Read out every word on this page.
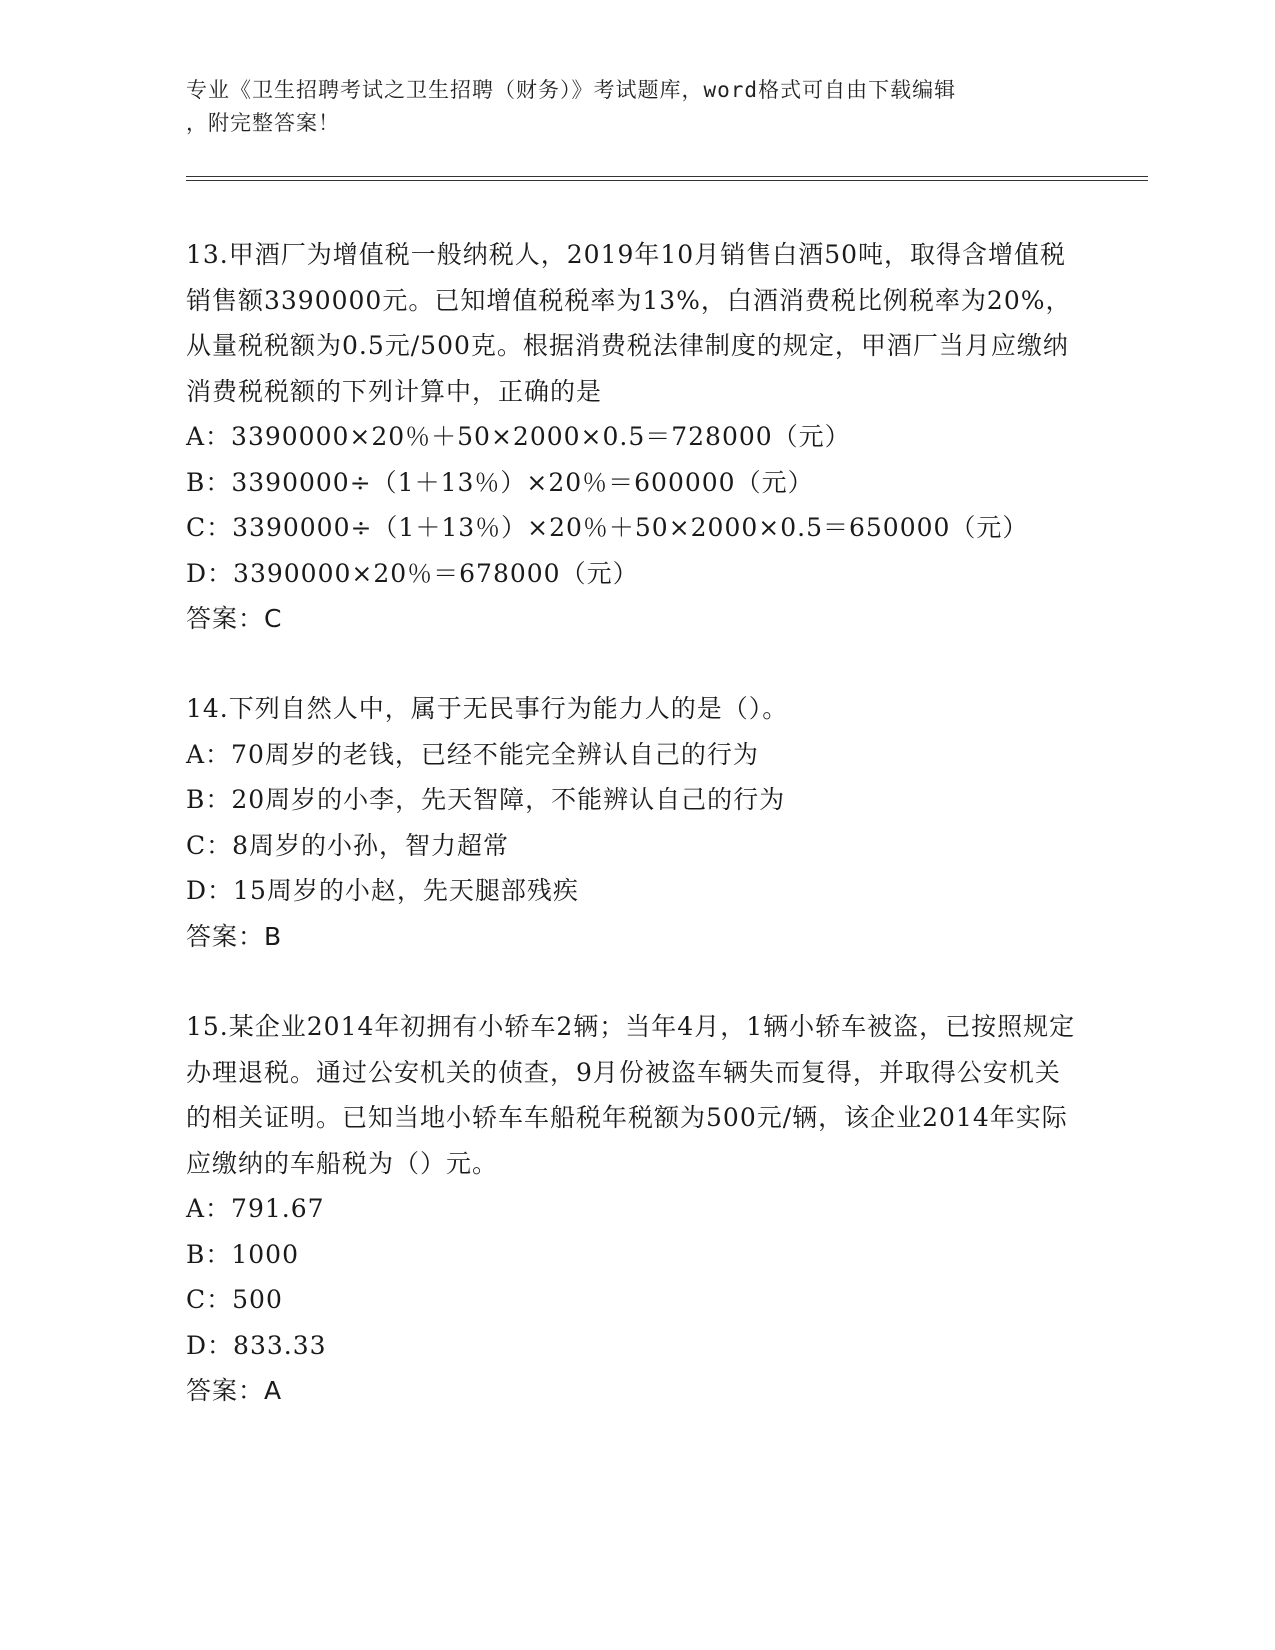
专业《卫生招聘考试之卫生招聘（财务）》考试题库，word格式可自由下载编辑
，附完整答案！

13.甲酒厂为增值税一般纳税人，2019年10月销售白酒50吨，取得含增值税销售额3390000元。已知增值税税率为13%，白酒消费税比例税率为20%，从量税税额为0.5元/500克。根据消费税法律制度的规定，甲酒厂当月应缴纳消费税税额的下列计算中，正确的是

A：3390000×20％＋50×2000×0.5＝728000（元）

B：3390000÷（1＋13％）×20％＝600000（元）

C：3390000÷（1＋13％）×20％＋50×2000×0.5＝650000（元）

D：3390000×20％＝678000（元）

答案：C

14.下列自然人中，属于无民事行为能力人的是（）。

A：70周岁的老钱，已经不能完全辨认自己的行为

B：20周岁的小李，先天智障，不能辨认自己的行为

C：8周岁的小孙，智力超常

D：15周岁的小赵，先天腿部残疾

答案：B

15.某企业2014年初拥有小轿车2辆；当年4月，1辆小轿车被盗，已按照规定办理退税。通过公安机关的侦查，9月份被盗车辆失而复得，并取得公安机关的相关证明。已知当地小轿车车船税年税额为500元/辆，该企业2014年实际应缴纳的车船税为（）元。

A：791.67

B：1000

C：500

D：833.33

答案：A
